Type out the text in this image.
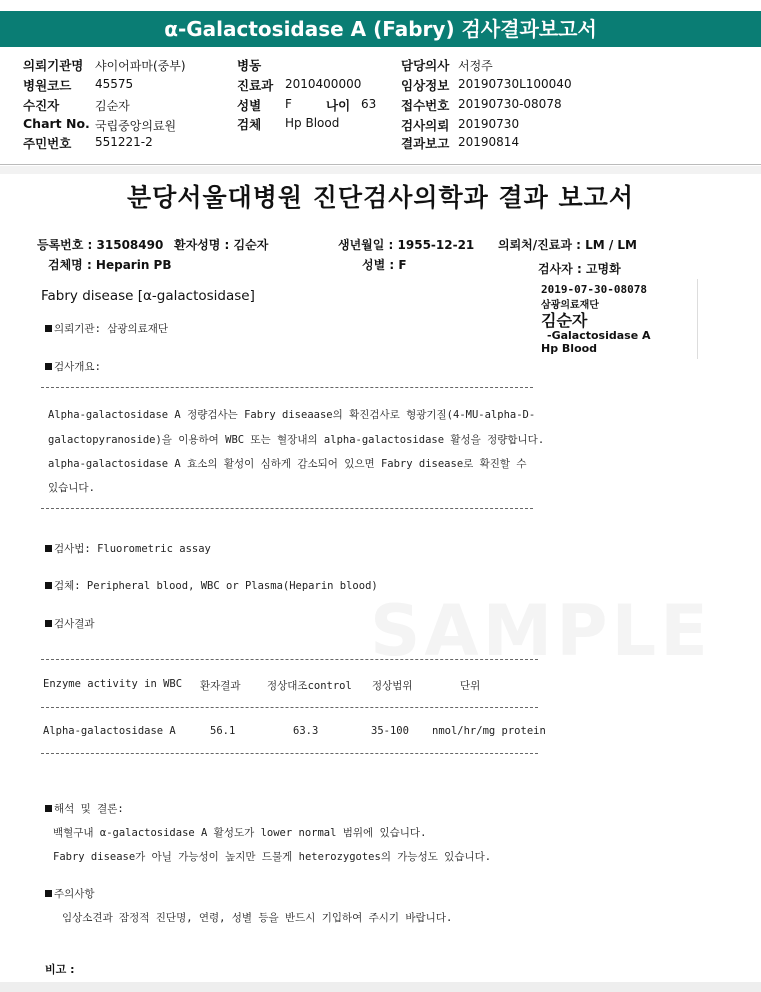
α-Galactosidase A (Fabry) 검사결과보고서
의뢰기관명 샤이어파마(중부)
병원코드 45575
수진자	김순자
Chart No. 국립중앙의료원
주민번호 551221-2
병동
진료과 2010400000
성별 F	나이 63
검체 Hp Blood
담당의사 서정주
임상정보 20190730L100040
접수번호 20190730-08078
검사의뢰 20190730
결과보고 20190814
SAMPLE
분당서울대병원 진단검사의학과 결과 보고서
등록번호 : 31508490 환자성명 : 김순자	생년월일 : 1955-12-21 의뢰처/진료과 : LM / LM
검체명 : Heparin PB	성별 : F	검사자 : 고명화
Fabry disease [α-galactosidase]	2019-07-30-08078
삼광의료재단
김순자
-Galactosidase A
Hp Blood
의뢰기관: 삼광의료재단
검사개요:
Alpha-galactosidase A 정량검사는 Fabry diseaase의 확진검사로 형광기질(4-MU-alpha-D-
galactopyranoside)을 이용하여 WBC 또는 혈장내의 alpha-galactosidase 활성을 정량합니다.
alpha-galactosidase A 효소의 활성이 심하게 감소되어 있으면 Fabry disease로 확진할 수
있습니다.
검사법: Fluorometric assay
검체: Peripheral blood, WBC or Plasma(Heparin blood)
검사결과
Enzyme activity in WBC 환자결과	정상대조control 정상범위	단위
Alpha-galactosidase A	56.1	63.3	35-100 nmol/hr/mg protein
해석 및 결론:
백혈구내 α-galactosidase A 활성도가 lower normal 범위에 있습니다.
Fabry disease가 아닐 가능성이 높지만 드물게 heterozygotes의 가능성도 있습니다.
주의사항
임상소견과 잠정적 진단명, 연령, 성별 등을 반드시 기입하여 주시기 바랍니다.
비고 :
